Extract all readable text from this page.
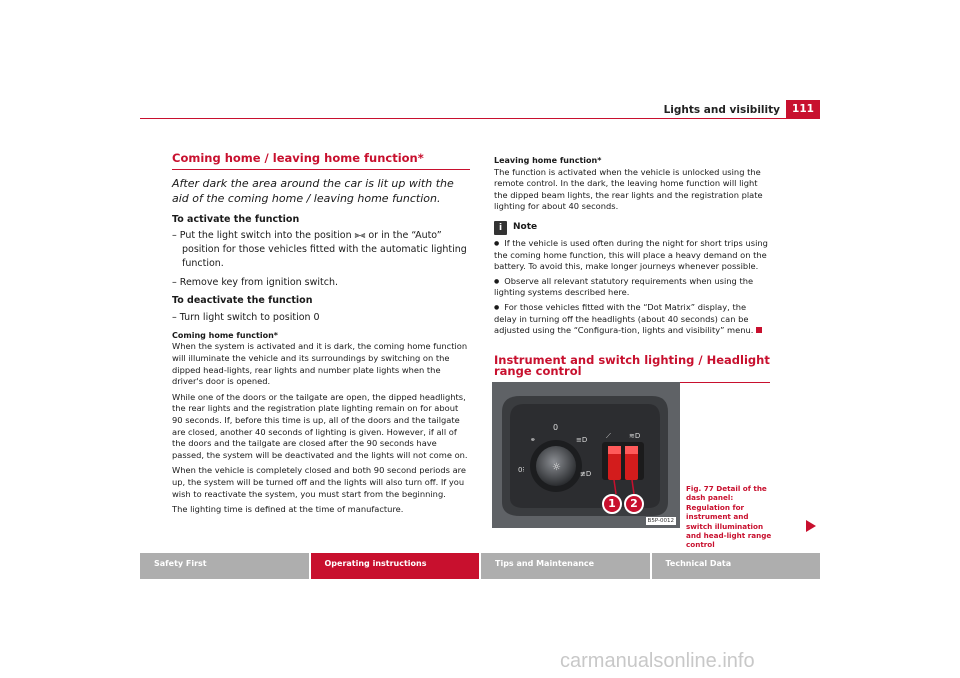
Lights and visibility	111
Coming home / leaving home function*
After dark the area around the car is lit up with the aid of the coming home / leaving home function.
To activate the function
– Put the light switch into the position ⫸⫷ or in the “Auto” position for those vehicles fitted with the automatic lighting function.
– Remove key from ignition switch.
To deactivate the function
– Turn light switch to position 0
Coming home function*

When the system is activated and it is dark, the coming home function will illuminate the vehicle and its surroundings by switching on the dipped head-lights, rear lights and number plate lights when the driver's door is opened.

While one of the doors or the tailgate are open, the dipped headlights, the rear lights and the registration plate lighting remain on for about 90 seconds. If, before this time is up, all of the doors and the tailgate are closed, another 40 seconds of lighting is given. However, if all of the doors and the tailgate are closed after the 90 seconds have passed, the system will be deactivated and the lights will not come on.

When the vehicle is completely closed and both 90 second periods are up, the system will be turned off and the lights will also turn off. If you wish to reactivate the system, you must start from the beginning.

The lighting time is defined at the time of manufacture.

Leaving home function*

The function is activated when the vehicle is unlocked using the remote control. In the dark, the leaving home function will light the dipped beam lights, the rear lights and the registration plate lighting for about 40 seconds.

i	Note
● If the vehicle is used often during the night for short trips using the coming home function, this will place a heavy demand on the battery. To avoid this, make longer journeys whenever possible.
● Observe all relevant statutory requirements when using the lighting systems described here.
● For those vehicles fitted with the “Dot Matrix” display, the delay in turning off the headlights (about 40 seconds) can be adjusted using the “Configura-tion, lights and visibility” menu.
Instrument and switch lighting / Headlight range control
☼
0
⚭	≡D
0⁝	≢D
⟋	≋D
1	2
B5P-0012
Fig. 77 Detail of the dash panel: Regulation for instrument and switch illumination and head-light range control
Safety First	Operating instructions	Tips and Maintenance	Technical Data
carmanualsonline.info
